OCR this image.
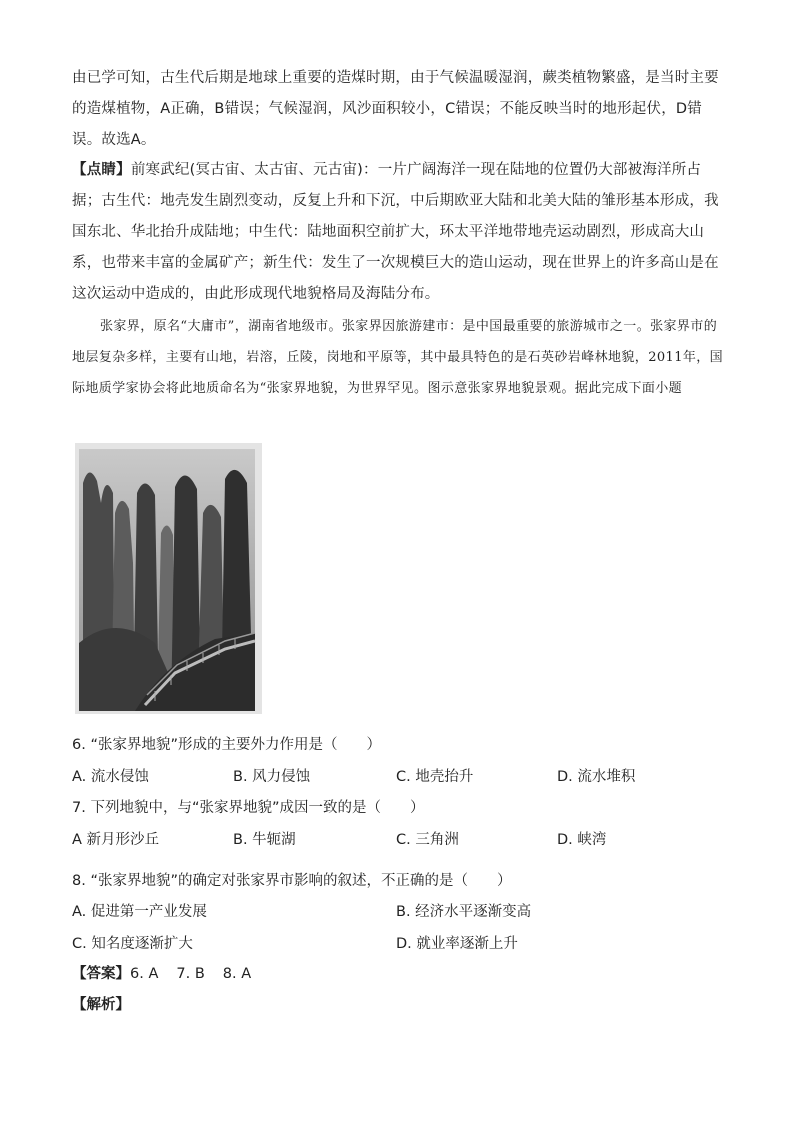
由已学可知，古生代后期是地球上重要的造煤时期，由于气候温暖湿润，蕨类植物繁盛，是当时主要的造煤植物，A正确，B错误；气候湿润，风沙面积较小，C错误；不能反映当时的地形起伏，D错误。故选A。

【点睛】前寒武纪(冥古宙、太古宙、元古宙)：一片广阔海洋一现在陆地的位置仍大部被海洋所占据；古生代：地壳发生剧烈变动，反复上升和下沉，中后期欧亚大陆和北美大陆的雏形基本形成，我国东北、华北抬升成陆地；中生代：陆地面积空前扩大，环太平洋地带地壳运动剧烈，形成高大山系，也带来丰富的金属矿产；新生代：发生了一次规模巨大的造山运动，现在世界上的许多高山是在这次运动中造成的，由此形成现代地貌格局及海陆分布。

张家界，原名“大庸市”，湖南省地级市。张家界因旅游建市：是中国最重要的旅游城市之一。张家界市的地层复杂多样，主要有山地，岩溶，丘陵，岗地和平原等，其中最具特色的是石英砂岩峰林地貌，2011年，国际地质学家协会将此地质命名为“张家界地貌，为世界罕见。图示意张家界地貌景观。据此完成下面小题

6. “张家界地貌”形成的主要外力作用是（　　）

A. 流水侵蚀	B. 风力侵蚀	C. 地壳抬升	D. 流水堆积

7. 下列地貌中，与“张家界地貌”成因一致的是（　　）

A 新月形沙丘	B. 牛轭湖	C. 三角洲	D. 峡湾

8. “张家界地貌”的确定对张家界市影响的叙述，不正确的是（　　）

A. 促进第一产业发展	B. 经济水平逐渐变高
C. 知名度逐渐扩大	D. 就业率逐渐上升
【答案】6. A 7. B 8. A
【解析】
